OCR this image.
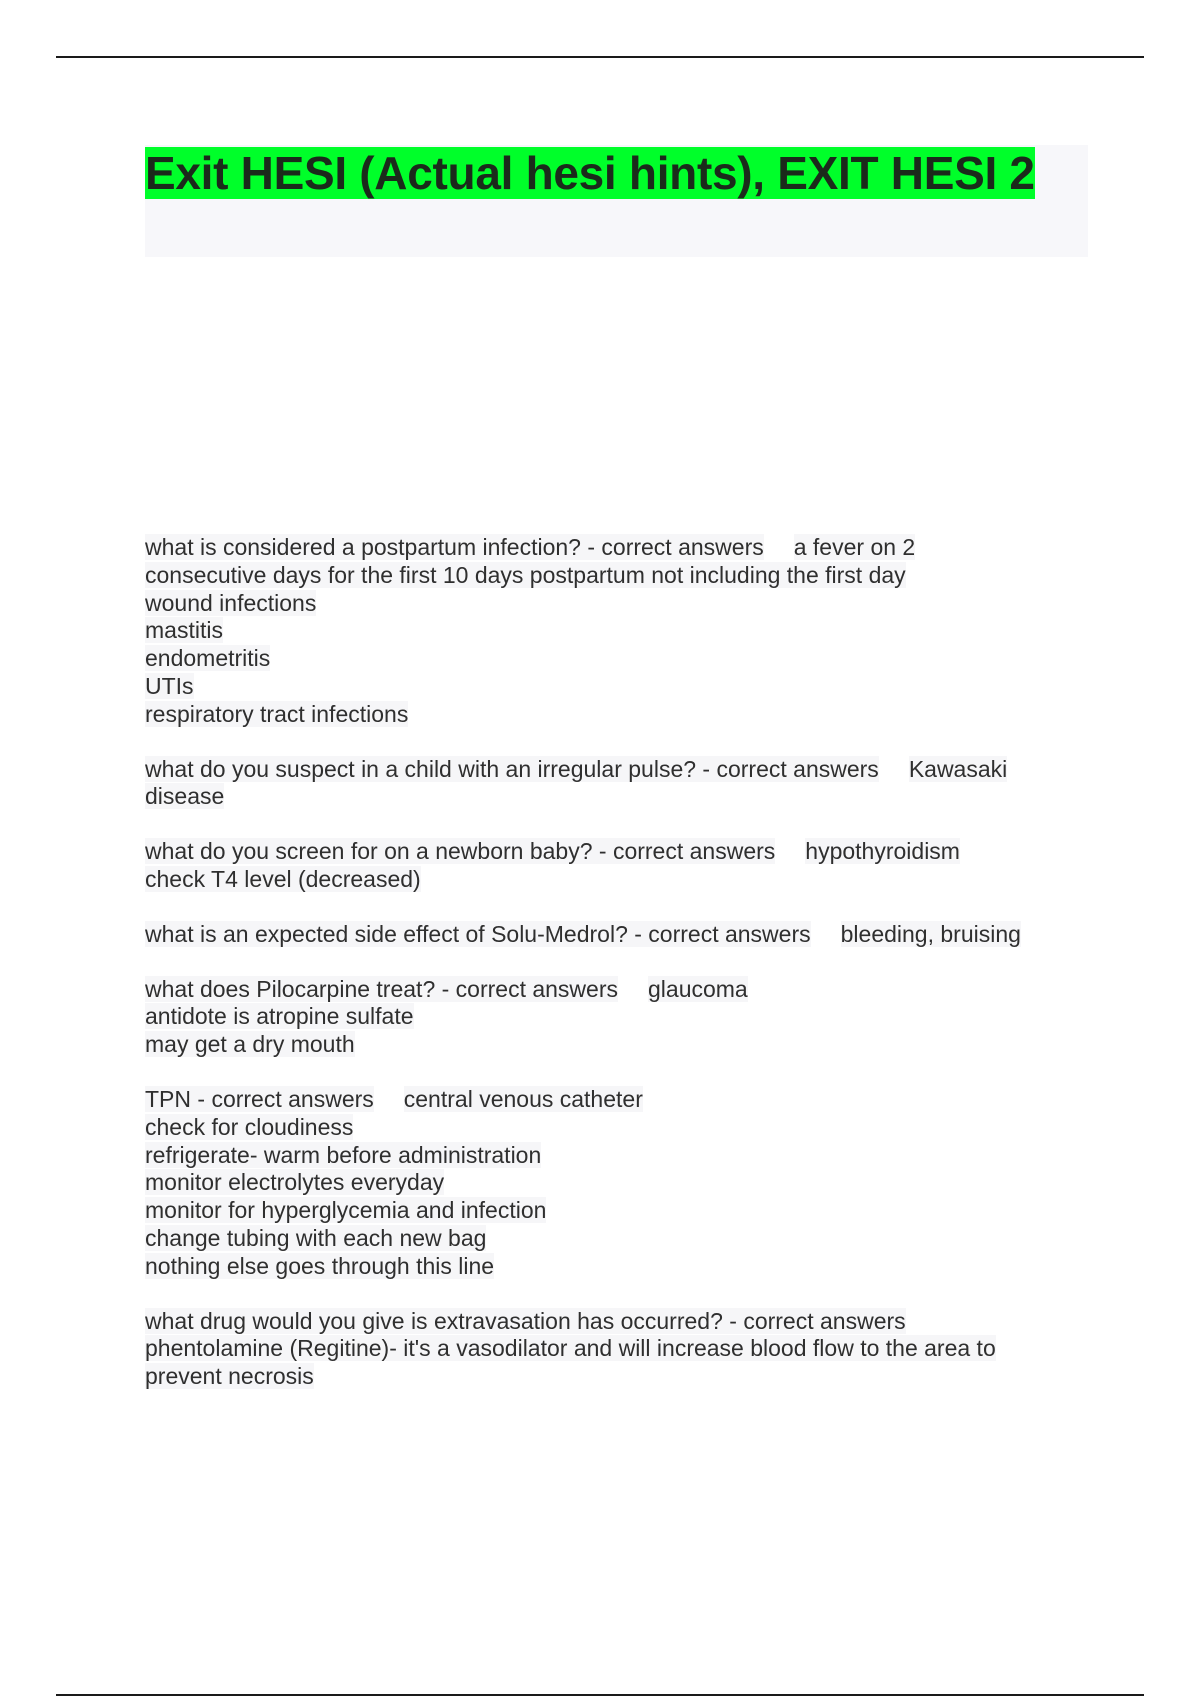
Exit HESI (Actual hesi hints), EXIT HESI 2
what is considered a postpartum infection? - correct answers a fever on 2
consecutive days for the first 10 days postpartum not including the first day
wound infections
mastitis
endometritis
UTIs
respiratory tract infections
what do you suspect in a child with an irregular pulse? - correct answers Kawasaki
disease
what do you screen for on a newborn baby? - correct answers hypothyroidism
check T4 level (decreased)
what is an expected side effect of Solu-Medrol? - correct answers bleeding, bruising
what does Pilocarpine treat? - correct answers glaucoma
antidote is atropine sulfate
may get a dry mouth
TPN - correct answers central venous catheter
check for cloudiness
refrigerate- warm before administration
monitor electrolytes everyday
monitor for hyperglycemia and infection
change tubing with each new bag
nothing else goes through this line
what drug would you give is extravasation has occurred? - correct answers
phentolamine (Regitine)- it's a vasodilator and will increase blood flow to the area to
prevent necrosis
